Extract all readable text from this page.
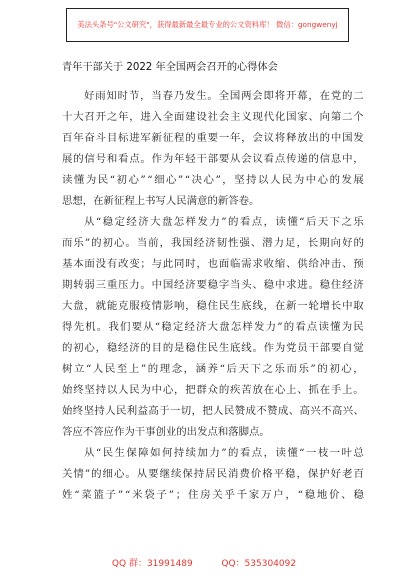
美法头条号"公文研究"，获得最新最全最专业的公文资料库！ 微信：gongwenyj
青年干部关于 2022 年全国两会召开的心得体会
好 雨 知 时 节 ， 当 春 乃 发 生 。 全 国 两 会 即 将 开 幕 ， 在 党 的 二
十 大 召 开 之 年 ， 进 入 全 面 建 设 社 会 主 义 现 代 化 国 家 、 向 第 二 个
百 年 奋 斗 目 标 进 军 新 征 程 的 重 要 一 年 ， 会 议 将 释 放 出 的 中 国 发
展 的 信 号 和 看 点 。 作 为 年 轻 干 部 要 从 会 议 看 点 传 递 的 信 息 中 ，
读 懂 为 民 “ 初 心 ” “ 细 心 ” “ 决 心 ” ， 坚 持 以 人 民 为 中 心 的 发 展
思想，在新征程上书写人民满意的新答卷。
从 “ 稳 定 经 济 大 盘 怎 样 发 力 ” 的 看 点 ， 读 懂 “ 后 天 下 之 乐
而 乐 ” 的 初 心 。 当 前 ， 我 国 经 济 韧 性 强 、 潜 力 足 ， 长 期 向 好 的
基 本 面 没 有 改 变 ； 与 此 同 时 ， 也 面 临 需 求 收 缩 、 供 给 冲 击 、 预
期 转 弱 三 重 压 力 。 中 国 经 济 要 稳 字 当 头 、 稳 中 求 进 。 稳 住 经 济
大 盘 ， 就 能 克 服 疫 情 影 响 ， 稳 住 民 生 底 线 ， 在 新 一 轮 增 长 中 取
得 先 机 。 我 们 要 从 “ 稳 定 经 济 大 盘 怎 样 发 力 ” 的 看 点 读 懂 为 民
的 初 心 ， 稳 经 济 的 目 的 是 稳 住 民 生 底 线 。 作 为 党 员 干 部 要 自 觉
树 立 “ 人 民 至 上 ” 的 理 念 ， 涵 养 “ 后 天 下 之 乐 而 乐 ” 的 初 心 ，
始 终 坚 持 以 人 民 为 中 心 ， 把 群 众 的 疾 苦 放 在 心 上 、 抓 在 手 上 。
始 终 坚 持 人 民 利 益 高 于 一 切 ， 把 人 民 赞 成 不 赞 成 、 高 兴 不 高 兴 、
答应不答应作为干事创业的出发点和落脚点。
从 “ 民 生 保 障 如 何 持 续 加 力 ” 的 看 点 ， 读 懂 “ 一 枝 一 叶 总
关 情 ” 的 细 心 。 从 要 继 续 保 持 居 民 消 费 价 格 平 稳 ， 保 护 好 老 百
姓 “ 菜 篮 子 ” “ 米 袋 子 ” ； 住 房 关 乎 千 家 万 户 ， “ 稳 地 价 、 稳
QQ 群：31991489	QQ：535304092
